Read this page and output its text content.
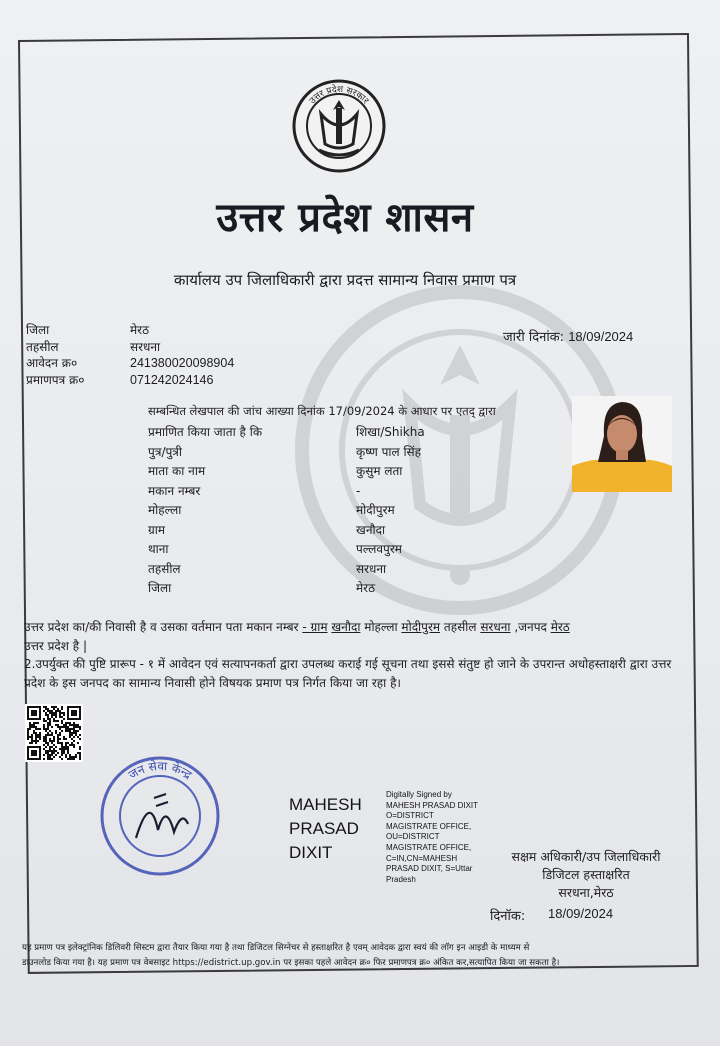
उत्तर प्रदेश सरकार
उत्तर प्रदेश शासन
कार्यालय उप जिलाधिकारी द्वारा प्रदत्त सामान्य निवास प्रमाण पत्र
जिला	मेरठ
तहसील	सरधना
आवेदन क्र०	241380020098904
प्रमाणपत्र क्र०	071242024146
जारी दिनांक: 18/09/2024
सम्बन्धित लेखपाल की जांच आख्या दिनांक 17/09/2024 के आधार पर एतद् द्वारा
प्रमाणित किया जाता है कि	शिखा/Shikha
पुत्र/पुत्री	कृष्ण पाल सिंह
माता का नाम	कुसुम लता
मकान नम्बर	-
मोहल्ला	मोदीपुरम
ग्राम	खनौदा
थाना	पल्लवपुरम
तहसील	सरधना
जिला	मेरठ
उत्तर प्रदेश का/की निवासी है व उसका वर्तमान पता मकान नम्बर - ग्राम खनौदा मोहल्ला मोदीपुरम तहसील सरधना ,जनपद मेरठ
उत्तर प्रदेश है |
2.उपर्युक्त की पुष्टि प्रारूप - १ में आवेदन एवं सत्यापनकर्ता द्वारा उपलब्ध कराई गई सूचना तथा इससे संतुष्ट हो जाने के उपरान्त अधोहस्ताक्षरी द्वारा उत्तर प्रदेश के इस जनपद का सामान्य निवासी होने विषयक प्रमाण पत्र निर्गत किया जा रहा है।
जन सेवा केन्द्र
MAHESH
PRASAD
DIXIT
Digitally Signed by
MAHESH PRASAD DIXIT
O=DISTRICT
MAGISTRATE OFFICE,
OU=DISTRICT
MAGISTRATE OFFICE,
C=IN,CN=MAHESH
PRASAD DIXIT, S=Uttar
Pradesh
सक्षम अधिकारी/उप जिलाधिकारी
डिजिटल हस्ताक्षरित
सरधना,मेरठ
दिनॉक: 18/09/2024
यह प्रमाण पत्र इलेक्ट्रांनिक डिलिवरी सिस्टम द्वारा तैयार किया गया है तथा डिजिटल सिग्नेचर से हस्ताक्षरित है एवम् आवेदक द्वारा स्वयं की लॉग इन आइडी के माध्यम से
डाउनलोड किया गया है। यह प्रमाण पत्र वेबसाइट https://edistrict.up.gov.in पर इसका पहले आवेदन क्र० फिर प्रमाणपत्र क्र० अंकित कर,सत्यापित किया जा सकता है।
